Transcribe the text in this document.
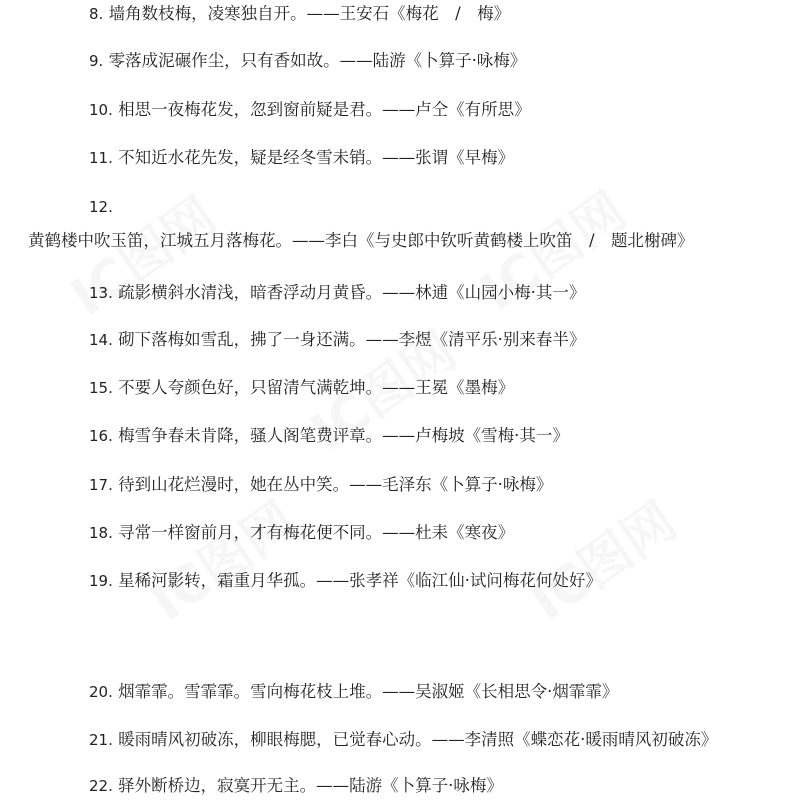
8. 墙角数枝梅，凌寒独自开。——王安石《梅花　/　梅》
9. 零落成泥碾作尘，只有香如故。——陆游《卜算子·咏梅》
10. 相思一夜梅花发，忽到窗前疑是君。——卢仝《有所思》
11. 不知近水花先发，疑是经冬雪未销。——张谓《早梅》
12. 黄鹤楼中吹玉笛，江城五月落梅花。——李白《与史郎中钦听黄鹤楼上吹笛　/　题北榭碑》
13. 疏影横斜水清浅，暗香浮动月黄昏。——林逋《山园小梅·其一》
14. 砌下落梅如雪乱，拂了一身还满。——李煜《清平乐·别来春半》
15. 不要人夸颜色好，只留清气满乾坤。——王冕《墨梅》
16. 梅雪争春未肯降，骚人阁笔费评章。——卢梅坡《雪梅·其一》
17. 待到山花烂漫时，她在丛中笑。——毛泽东《卜算子·咏梅》
18. 寻常一样窗前月，才有梅花便不同。——杜耒《寒夜》
19. 星稀河影转，霜重月华孤。——张孝祥《临江仙·试问梅花何处好》
20. 烟霏霏。雪霏霏。雪向梅花枝上堆。——吴淑姬《长相思令·烟霏霏》
21. 暖雨晴风初破冻，柳眼梅腮，已觉春心动。——李清照《蝶恋花·暖雨晴风初破冻》
22. 驿外断桥边，寂寞开无主。——陆游《卜算子·咏梅》
